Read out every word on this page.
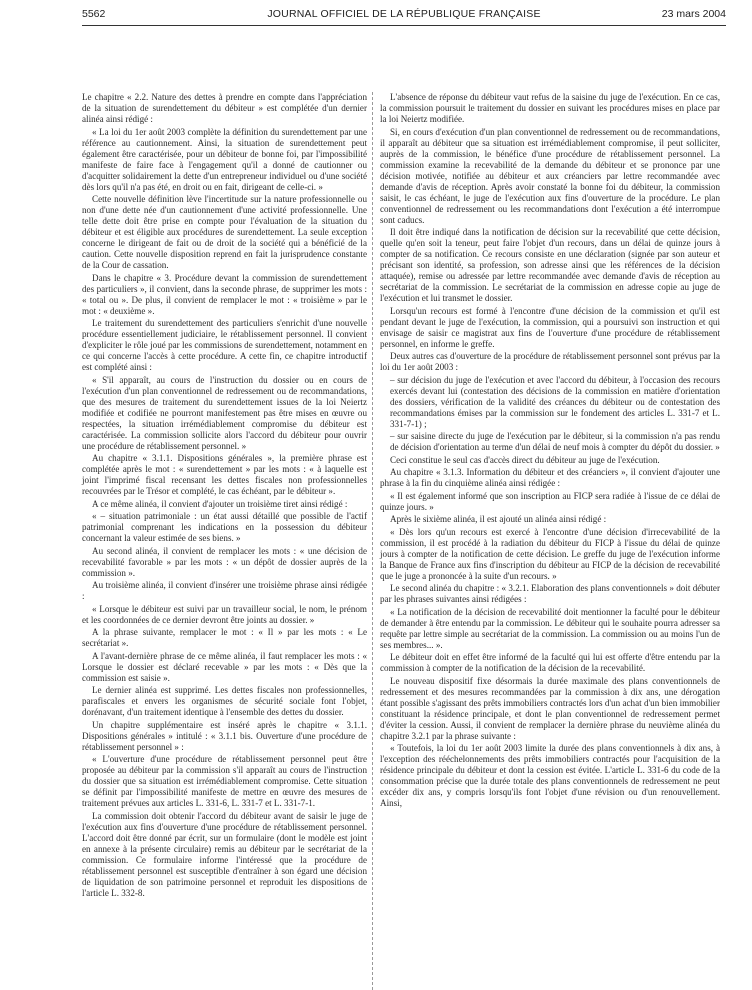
5562	JOURNAL OFFICIEL DE LA RÉPUBLIQUE FRANÇAISE	23 mars 2004

Le chapitre « 2.2. Nature des dettes à prendre en compte dans l'appréciation de la situation de surendettement du débiteur » est complétée d'un dernier alinéa ainsi rédigé :

« La loi du 1er août 2003 complète la définition du surendettement par une référence au cautionnement. Ainsi, la situation de surendettement peut également être caractérisée, pour un débiteur de bonne foi, par l'impossibilité manifeste de faire face à l'engagement qu'il a donné de cautionner ou d'acquitter solidairement la dette d'un entrepreneur individuel ou d'une société dès lors qu'il n'a pas été, en droit ou en fait, dirigeant de celle-ci. »

Cette nouvelle définition lève l'incertitude sur la nature professionnelle ou non d'une dette née d'un cautionnement d'une activité professionnelle. Une telle dette doit être prise en compte pour l'évaluation de la situation du débiteur et est éligible aux procédures de surendettement. La seule exception concerne le dirigeant de fait ou de droit de la société qui a bénéficié de la caution. Cette nouvelle disposition reprend en fait la jurisprudence constante de la Cour de cassation.

Dans le chapitre « 3. Procédure devant la commission de surendettement des particuliers », il convient, dans la seconde phrase, de supprimer les mots : « total ou ». De plus, il convient de remplacer le mot : « troisième » par le mot : « deuxième ».

Le traitement du surendettement des particuliers s'enrichit d'une nouvelle procédure essentiellement judiciaire, le rétablissement personnel. Il convient d'expliciter le rôle joué par les commissions de surendettement, notamment en ce qui concerne l'accès à cette procédure. A cette fin, ce chapitre introductif est complété ainsi :

« S'il apparaît, au cours de l'instruction du dossier ou en cours de l'exécution d'un plan conventionnel de redressement ou de recommandations, que des mesures de traitement du surendettement issues de la loi Neiertz modifiée et codifiée ne pourront manifestement pas être mises en œuvre ou respectées, la situation irrémédiablement compromise du débiteur est caractérisée. La commission sollicite alors l'accord du débiteur pour ouvrir une procédure de rétablissement personnel. »

Au chapitre « 3.1.1. Dispositions générales », la première phrase est complétée après le mot : « surendettement » par les mots : « à laquelle est joint l'imprimé fiscal recensant les dettes fiscales non professionnelles recouvrées par le Trésor et complété, le cas échéant, par le débiteur ».

A ce même alinéa, il convient d'ajouter un troisième tiret ainsi rédigé :

« – situation patrimoniale : un état aussi détaillé que possible de l'actif patrimonial comprenant les indications en la possession du débiteur concernant la valeur estimée de ses biens. »

Au second alinéa, il convient de remplacer les mots : « une décision de recevabilité favorable » par les mots : « un dépôt de dossier auprès de la commission ».

Au troisième alinéa, il convient d'insérer une troisième phrase ainsi rédigée :

« Lorsque le débiteur est suivi par un travailleur social, le nom, le prénom et les coordonnées de ce dernier devront être joints au dossier. »

A la phrase suivante, remplacer le mot : « Il » par les mots : « Le secrétariat ».

A l'avant-dernière phrase de ce même alinéa, il faut remplacer les mots : « Lorsque le dossier est déclaré recevable » par les mots : « Dès que la commission est saisie ».

Le dernier alinéa est supprimé. Les dettes fiscales non professionnelles, parafiscales et envers les organismes de sécurité sociale font l'objet, dorénavant, d'un traitement identique à l'ensemble des dettes du dossier.

Un chapitre supplémentaire est inséré après le chapitre « 3.1.1. Dispositions générales » intitulé : « 3.1.1 bis. Ouverture d'une procédure de rétablissement personnel » :

« L'ouverture d'une procédure de rétablissement personnel peut être proposée au débiteur par la commission s'il apparaît au cours de l'instruction du dossier que sa situation est irrémédiablement compromise. Cette situation se définit par l'impossibilité manifeste de mettre en œuvre des mesures de traitement prévues aux articles L. 331-6, L. 331-7 et L. 331-7-1.

La commission doit obtenir l'accord du débiteur avant de saisir le juge de l'exécution aux fins d'ouverture d'une procédure de rétablissement personnel. L'accord doit être donné par écrit, sur un formulaire (dont le modèle est joint en annexe à la présente circulaire) remis au débiteur par le secrétariat de la commission. Ce formulaire informe l'intéressé que la procédure de rétablissement personnel est susceptible d'entraîner à son égard une décision de liquidation de son patrimoine personnel et reproduit les dispositions de l'article L. 332-8.

L'absence de réponse du débiteur vaut refus de la saisine du juge de l'exécution. En ce cas, la commission poursuit le traitement du dossier en suivant les procédures mises en place par la loi Neiertz modifiée.

Si, en cours d'exécution d'un plan conventionnel de redressement ou de recommandations, il apparaît au débiteur que sa situation est irrémédiablement compromise, il peut solliciter, auprès de la commission, le bénéfice d'une procédure de rétablissement personnel. La commission examine la recevabilité de la demande du débiteur et se prononce par une décision motivée, notifiée au débiteur et aux créanciers par lettre recommandée avec demande d'avis de réception. Après avoir constaté la bonne foi du débiteur, la commission saisit, le cas échéant, le juge de l'exécution aux fins d'ouverture de la procédure. Le plan conventionnel de redressement ou les recommandations dont l'exécution a été interrompue sont caducs.

Il doit être indiqué dans la notification de décision sur la recevabilité que cette décision, quelle qu'en soit la teneur, peut faire l'objet d'un recours, dans un délai de quinze jours à compter de sa notification. Ce recours consiste en une déclaration (signée par son auteur et précisant son identité, sa profession, son adresse ainsi que les références de la décision attaquée), remise ou adressée par lettre recommandée avec demande d'avis de réception au secrétariat de la commission. Le secrétariat de la commission en adresse copie au juge de l'exécution et lui transmet le dossier.

Lorsqu'un recours est formé à l'encontre d'une décision de la commission et qu'il est pendant devant le juge de l'exécution, la commission, qui a poursuivi son instruction et qui envisage de saisir ce magistrat aux fins de l'ouverture d'une procédure de rétablissement personnel, en informe le greffe.

Deux autres cas d'ouverture de la procédure de rétablissement personnel sont prévus par la loi du 1er août 2003 :

– sur décision du juge de l'exécution et avec l'accord du débiteur, à l'occasion des recours exercés devant lui (contestation des décisions de la commission en matière d'orientation des dossiers, vérification de la validité des créances du débiteur ou de contestation des recommandations émises par la commission sur le fondement des articles L. 331-7 et L. 331-7-1) ;

– sur saisine directe du juge de l'exécution par le débiteur, si la commission n'a pas rendu de décision d'orientation au terme d'un délai de neuf mois à compter du dépôt du dossier. »

Ceci constitue le seul cas d'accès direct du débiteur au juge de l'exécution.

Au chapitre « 3.1.3. Information du débiteur et des créanciers », il convient d'ajouter une phrase à la fin du cinquième alinéa ainsi rédigée :

« Il est également informé que son inscription au FICP sera radiée à l'issue de ce délai de quinze jours. »

Après le sixième alinéa, il est ajouté un alinéa ainsi rédigé :

« Dès lors qu'un recours est exercé à l'encontre d'une décision d'irrecevabilité de la commission, il est procédé à la radiation du débiteur du FICP à l'issue du délai de quinze jours à compter de la notification de cette décision. Le greffe du juge de l'exécution informe la Banque de France aux fins d'inscription du débiteur au FICP de la décision de recevabilité que le juge a prononcée à la suite d'un recours. »

Le second alinéa du chapitre : « 3.2.1. Elaboration des plans conventionnels » doit débuter par les phrases suivantes ainsi rédigées :

« La notification de la décision de recevabilité doit mentionner la faculté pour le débiteur de demander à être entendu par la commission. Le débiteur qui le souhaite pourra adresser sa requête par lettre simple au secrétariat de la commission. La commission ou au moins l'un de ses membres... ».

Le débiteur doit en effet être informé de la faculté qui lui est offerte d'être entendu par la commission à compter de la notification de la décision de la recevabilité.

Le nouveau dispositif fixe désormais la durée maximale des plans conventionnels de redressement et des mesures recommandées par la commission à dix ans, une dérogation étant possible s'agissant des prêts immobiliers contractés lors d'un achat d'un bien immobilier constituant la résidence principale, et dont le plan conventionnel de redressement permet d'éviter la cession. Aussi, il convient de remplacer la dernière phrase du neuvième alinéa du chapitre 3.2.1 par la phrase suivante :

« Toutefois, la loi du 1er août 2003 limite la durée des plans conventionnels à dix ans, à l'exception des rééchelonnements des prêts immobiliers contractés pour l'acquisition de la résidence principale du débiteur et dont la cession est évitée. L'article L. 331-6 du code de la consommation précise que la durée totale des plans conventionnels de redressement ne peut excéder dix ans, y compris lorsqu'ils font l'objet d'une révision ou d'un renouvellement. Ainsi,
